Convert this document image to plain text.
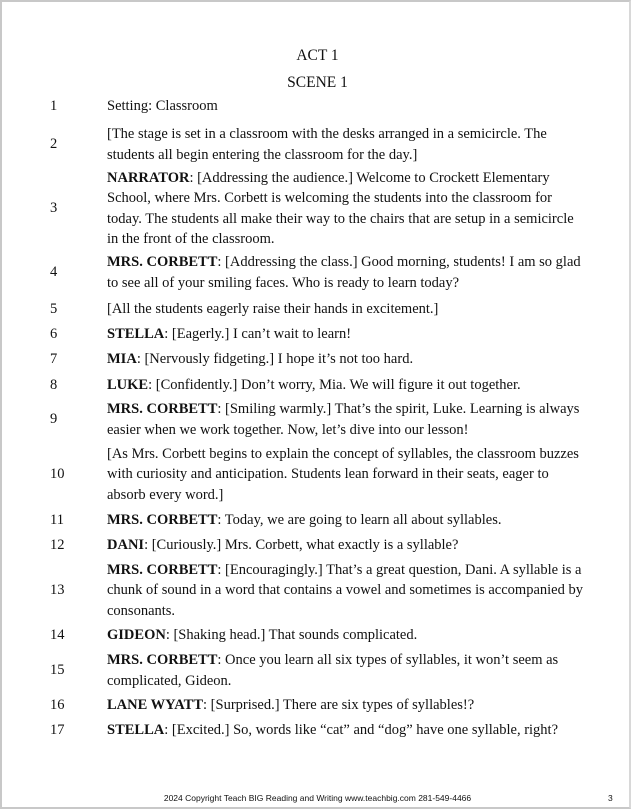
ACT 1
SCENE 1
1	Setting: Classroom
2
[The stage is set in a classroom with the desks arranged in a semicircle. The students all begin entering the classroom for the day.]
3
NARRATOR: [Addressing the audience.] Welcome to Crockett Elementary School, where Mrs. Corbett is welcoming the students into the classroom for today. The students all make their way to the chairs that are setup in a semicircle in the front of the classroom.
4
MRS. CORBETT: [Addressing the class.] Good morning, students! I am so glad to see all of your smiling faces. Who is ready to learn today?
5	[All the students eagerly raise their hands in excitement.]
6	STELLA: [Eagerly.] I can’t wait to learn!
7	MIA: [Nervously fidgeting.] I hope it’s not too hard.
8	LUKE: [Confidently.] Don’t worry, Mia. We will figure it out together.
9
MRS. CORBETT: [Smiling warmly.] That’s the spirit, Luke. Learning is always easier when we work together. Now, let’s dive into our lesson!
10
[As Mrs. Corbett begins to explain the concept of syllables, the classroom buzzes with curiosity and anticipation. Students lean forward in their seats, eager to absorb every word.]
11	MRS. CORBETT: Today, we are going to learn all about syllables.
12	DANI: [Curiously.] Mrs. Corbett, what exactly is a syllable?
13
MRS. CORBETT: [Encouragingly.] That’s a great question, Dani. A syllable is a chunk of sound in a word that contains a vowel and sometimes is accompanied by consonants.
14	GIDEON: [Shaking head.] That sounds complicated.
15
MRS. CORBETT: Once you learn all six types of syllables, it won’t seem as complicated, Gideon.
16	LANE WYATT: [Surprised.] There are six types of syllables!?
17	STELLA: [Excited.] So, words like “cat” and “dog” have one syllable, right?
2024 Copyright Teach BIG Reading and Writing www.teachbig.com 281-549-4466	3
